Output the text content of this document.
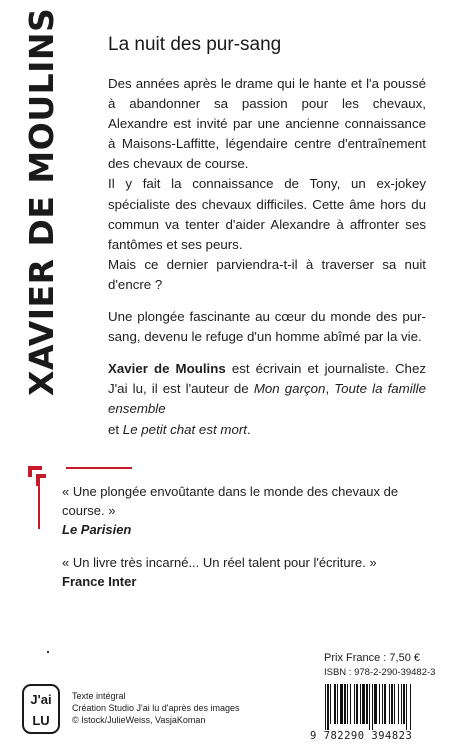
XAVIER DE MOULINS La nuit des pur-sang

Des années après le drame qui le hante et l'a poussé à abandonner sa passion pour les chevaux, Alexandre est invité par une ancienne connaissance à Maisons-Laffitte, légendaire centre d'entraînement des chevaux de course.

Il y fait la connaissance de Tony, un ex-jokey spécialiste des chevaux difficiles. Cette âme hors du commun va tenter d'aider Alexandre à affronter ses fantômes et ses peurs.

Mais ce dernier parviendra-t-il à traverser sa nuit d'encre ?

Une plongée fascinante au cœur du monde des pur-sang, devenu le refuge d'un homme abîmé par la vie.

Xavier de Moulins est écrivain et journaliste. Chez J'ai lu, il est l'auteur de Mon garçon, Toute la famille ensemble
et Le petit chat est mort.

« Une plongée envoûtante dans le monde des chevaux de course. »

Le Parisien

« Un livre très incarné... Un réel talent pour l'écriture. »

France Inter

J'ai
LU
Texte intégral
Création Studio J'ai lu d'après des images
© Istock/JulieWeiss, VasjaKoman
Prix France : 7,50 €
ISBN : 978-2-290-39482-3
9 782290 394823
